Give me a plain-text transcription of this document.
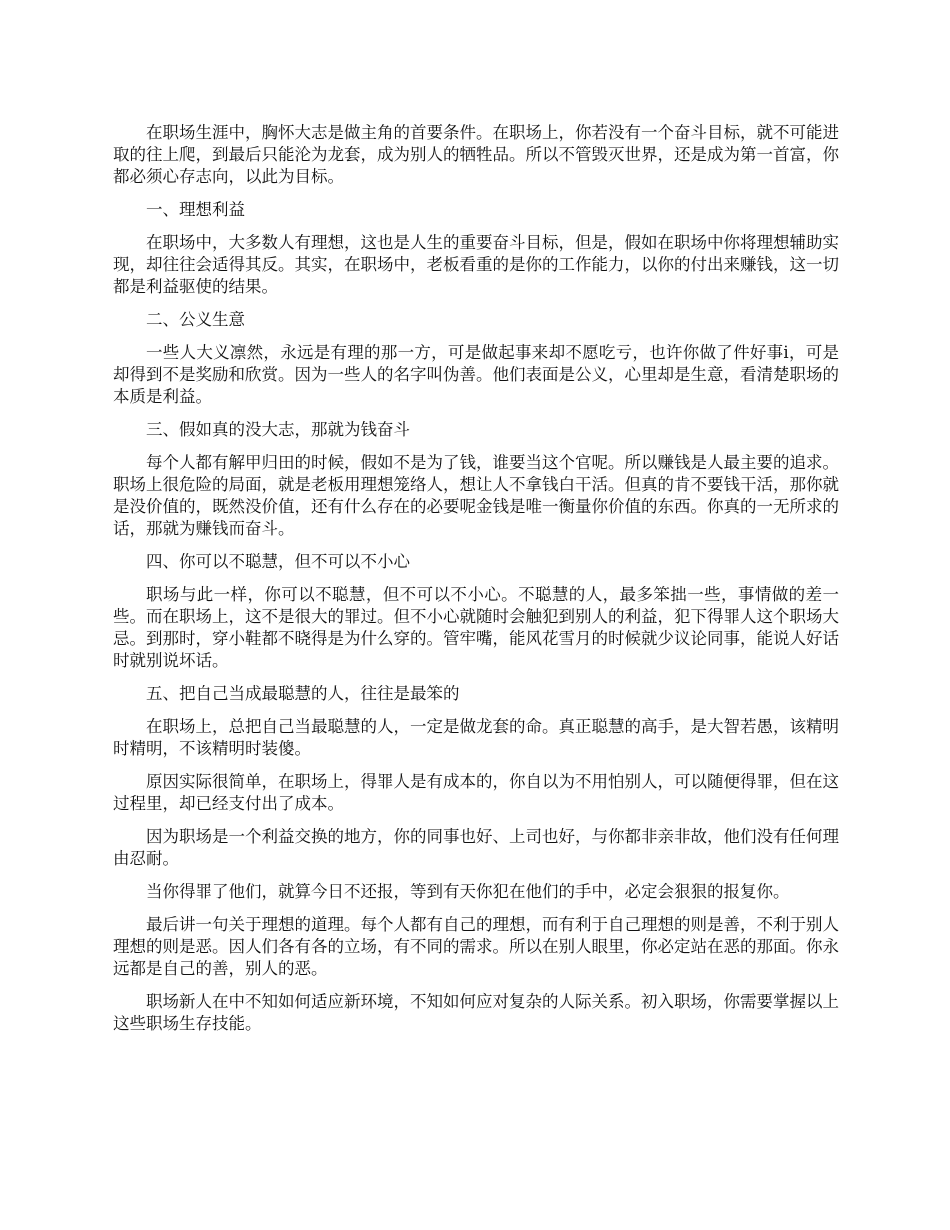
在职场生涯中，胸怀大志是做主角的首要条件。在职场上，你若没有一个奋斗目标，就不可能进取的往上爬，到最后只能沦为龙套，成为别人的牺牲品。所以不管毁灭世界，还是成为第一首富，你都必须心存志向，以此为目标。

一、理想利益

在职场中，大多数人有理想，这也是人生的重要奋斗目标，但是，假如在职场中你将理想辅助实现，却往往会适得其反。其实，在职场中，老板看重的是你的工作能力，以你的付出来赚钱，这一切都是利益驱使的结果。

二、公义生意

一些人大义凛然，永远是有理的那一方，可是做起事来却不愿吃亏，也许你做了件好事i，可是却得到不是奖励和欣赏。因为一些人的名字叫伪善。他们表面是公义，心里却是生意，看清楚职场的本质是利益。

三、假如真的没大志，那就为钱奋斗

每个人都有解甲归田的时候，假如不是为了钱，谁要当这个官呢。所以赚钱是人最主要的追求。职场上很危险的局面，就是老板用理想笼络人，想让人不拿钱白干活。但真的肯不要钱干活，那你就是没价值的，既然没价值，还有什么存在的必要呢金钱是唯一衡量你价值的东西。你真的一无所求的话，那就为赚钱而奋斗。

四、你可以不聪慧，但不可以不小心

职场与此一样，你可以不聪慧，但不可以不小心。不聪慧的人，最多笨拙一些，事情做的差一些。而在职场上，这不是很大的罪过。但不小心就随时会触犯到别人的利益，犯下得罪人这个职场大忌。到那时，穿小鞋都不晓得是为什么穿的。管牢嘴，能风花雪月的时候就少议论同事，能说人好话时就别说坏话。

五、把自己当成最聪慧的人，往往是最笨的

在职场上，总把自己当最聪慧的人，一定是做龙套的命。真正聪慧的高手，是大智若愚，该精明时精明，不该精明时装傻。

原因实际很简单，在职场上，得罪人是有成本的，你自以为不用怕别人，可以随便得罪，但在这过程里，却已经支付出了成本。

因为职场是一个利益交换的地方，你的同事也好、上司也好，与你都非亲非故，他们没有任何理由忍耐。

当你得罪了他们，就算今日不还报，等到有天你犯在他们的手中，必定会狠狠的报复你。

最后讲一句关于理想的道理。每个人都有自己的理想，而有利于自己理想的则是善，不利于别人理想的则是恶。因人们各有各的立场，有不同的需求。所以在别人眼里，你必定站在恶的那面。你永远都是自己的善，别人的恶。

职场新人在中不知如何适应新环境，不知如何应对复杂的人际关系。初入职场，你需要掌握以上这些职场生存技能。
